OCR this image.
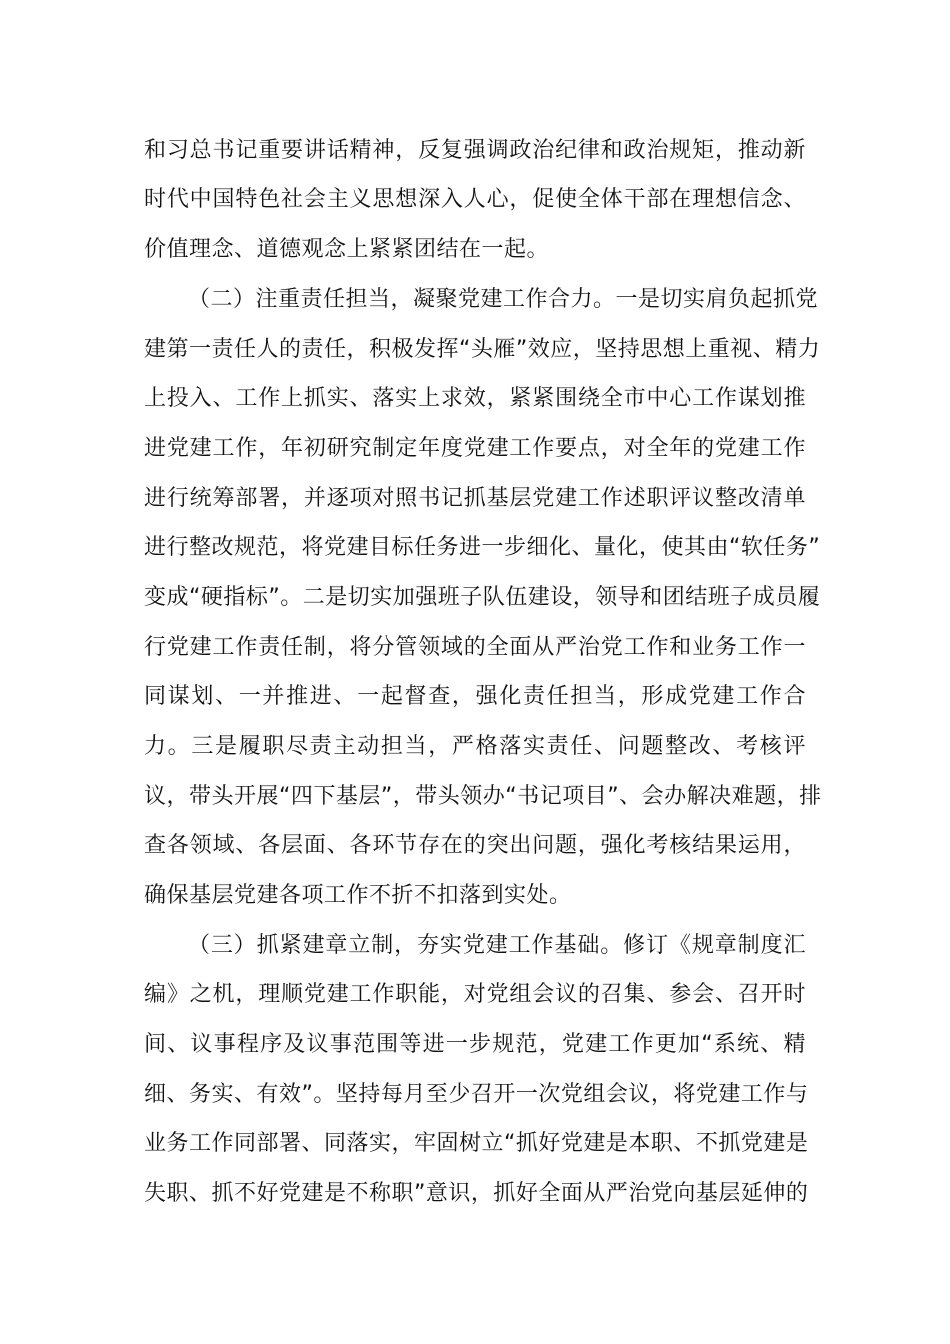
和习总书记重要讲话精神，反复强调政治纪律和政治规矩，推动新
时代中国特色社会主义思想深入人心，促使全体干部在理想信念、
价值理念、道德观念上紧紧团结在一起。
（二）注重责任担当，凝聚党建工作合力。一是切实肩负起抓党
建第一责任人的责任，积极发挥“头雁”效应，坚持思想上重视、精力
上投入、工作上抓实、落实上求效，紧紧围绕全市中心工作谋划推
进党建工作，年初研究制定年度党建工作要点，对全年的党建工作
进行统筹部署，并逐项对照书记抓基层党建工作述职评议整改清单
进行整改规范，将党建目标任务进一步细化、量化，使其由“软任务”
变成“硬指标”。二是切实加强班子队伍建设，领导和团结班子成员履
行党建工作责任制，将分管领域的全面从严治党工作和业务工作一
同谋划、一并推进、一起督查，强化责任担当，形成党建工作合
力。三是履职尽责主动担当，严格落实责任、问题整改、考核评
议，带头开展“四下基层”，带头领办“书记项目”、会办解决难题，排
查各领域、各层面、各环节存在的突出问题，强化考核结果运用，
确保基层党建各项工作不折不扣落到实处。
（三）抓紧建章立制，夯实党建工作基础。修订《规章制度汇
编》之机，理顺党建工作职能，对党组会议的召集、参会、召开时
间、议事程序及议事范围等进一步规范，党建工作更加“系统、精
细、务实、有效”。坚持每月至少召开一次党组会议，将党建工作与
业务工作同部署、同落实，牢固树立“抓好党建是本职、不抓党建是
失职、抓不好党建是不称职”意识，抓好全面从严治党向基层延伸的
